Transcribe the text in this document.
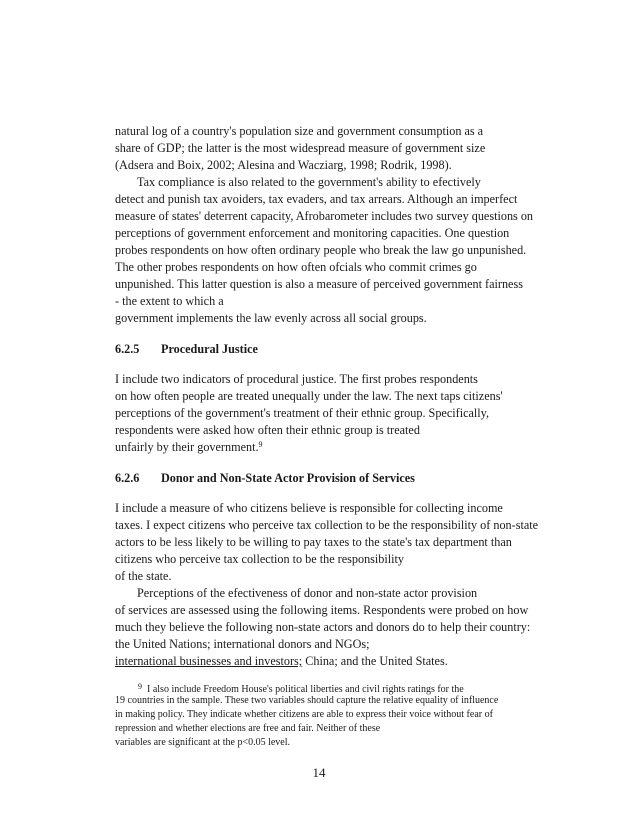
natural log of a country's population size and government consumption as a
share of GDP; the latter is the most widespread measure of government size
(Adsera and Boix, 2002; Alesina and Wacziarg, 1998; Rodrik, 1998).
Tax compliance is also related to the government's ability to efectively
detect and punish tax avoiders, tax evaders, and tax arrears. Although an imperfect
measure of states' deterrent capacity, Afrobarometer includes two survey questions on
perceptions of government enforcement and monitoring capacities. One question
probes respondents on how often ordinary people who break the law go unpunished.
The other probes respondents on how often ofcials who commit crimes go
unpunished. This latter question is also a measure of perceived government fairness
- the extent to which a
government implements the law evenly across all social groups.
6.2.5 Procedural Justice
I include two indicators of procedural justice. The first probes respondents
on how often people are treated unequally under the law. The next taps citizens'
perceptions of the government's treatment of their ethnic group. Specifically,
respondents were asked how often their ethnic group is treated
unfairly by their government.$^9$
6.2.6 Donor and Non-State Actor Provision of Services
I include a measure of who citizens believe is responsible for collecting income
taxes. I expect citizens who perceive tax collection to be the responsibility of non-state
actors to be less likely to be willing to pay taxes to the state's tax department than
citizens who perceive tax collection to be the responsibility
of the state.
Perceptions of the efectiveness of donor and non-state actor provision
of services are assessed using the following items. Respondents were probed on how
much they believe the following non-state actors and donors do to help their country:
the United Nations; international donors and NGOs;
international businesses and investors; China; and the United States.
$^9$ I also include Freedom House's political liberties and civil rights ratings for the
19 countries in the sample. These two variables should capture the relative equality of influence
in making policy. They indicate whether citizens are able to express their voice without fear of
repression and whether elections are free and fair. Neither of these
variables are significant at the p<0.05 level.
14
